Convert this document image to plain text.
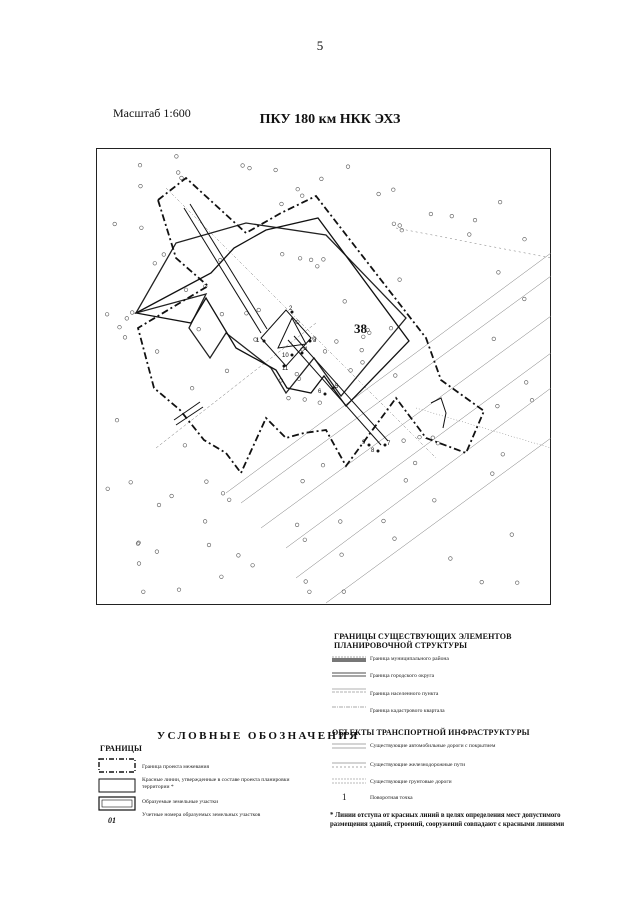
5
Масштаб 1:600	ПКУ 180 км НКК ЭХЗ
1
2
3
4
5
6
7
8
9
10
11
38
ГРАНИЦЫ СУЩЕСТВУЮЩИХ ЭЛЕМЕНТОВ
ПЛАНИРОВОЧНОЙ СТРУКТУРЫ
Граница муниципального района
Граница городского округа
Граница населенного пункта
Граница кадастрового квартала
ОБЪЕКТЫ ТРАНСПОРТНОЙ ИНФРАСТРУКТУРЫ
Существующие автомобильные дороги с покрытием
Существующие железнодорожные пути
Существующие грунтовые дороги
1	Поворотная точка
УСЛОВНЫЕ ОБОЗНАЧЕНИЯ
ГРАНИЦЫ
Граница проекта межевания
Красные линии, утвержденные в составе проекта планировки территории *
Образуемые земельные участки
01
Учетные номера образуемых земельных участков	* Линии отступа от красных линий в целях определения мест допустимого размещения зданий, строений, сооружений совпадают с красными линиями
